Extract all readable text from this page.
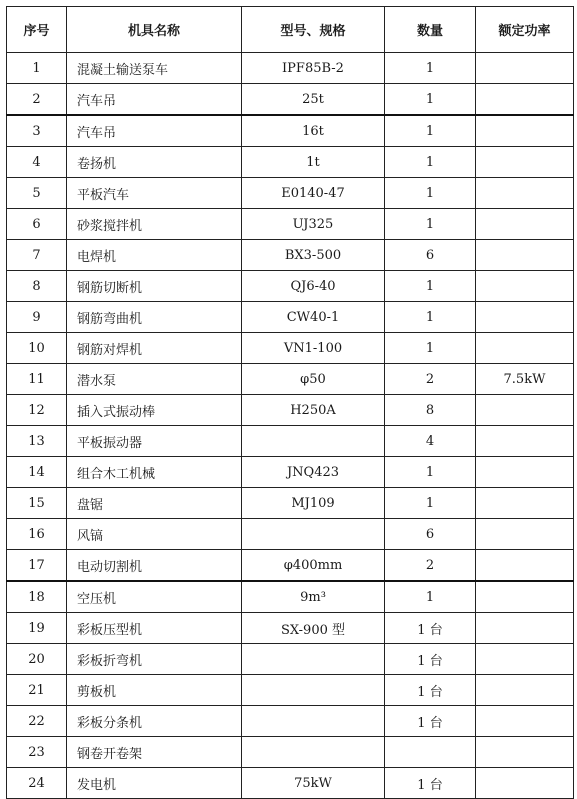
序号	机具名称	型号、规格	数量	额定功率
1	混凝土输送泵车	IPF85B-2	1	
2	汽车吊	25t	1	
3	汽车吊	16t	1	
4	卷扬机	1t	1	
5	平板汽车	E0140-47	1	
6	砂浆搅拌机	UJ325	1	
7	电焊机	BX3-500	6	
8	钢筋切断机	QJ6-40	1	
9	钢筋弯曲机	CW40-1	1	
10	钢筋对焊机	VN1-100	1	
11	潜水泵	φ50	2	7.5kW
12	插入式振动棒	H250A	8	
13	平板振动器		4	
14	组合木工机械	JNQ423	1	
15	盘锯	MJ109	1	
16	风镐		6	
17	电动切割机	φ400mm	2	
18	空压机	9m³	1	
19	彩板压型机	SX-900 型	1 台	
20	彩板折弯机		1 台	
21	剪板机		1 台	
22	彩板分条机		1 台	
23	钢卷开卷架			
24	发电机	75kW	1 台	
